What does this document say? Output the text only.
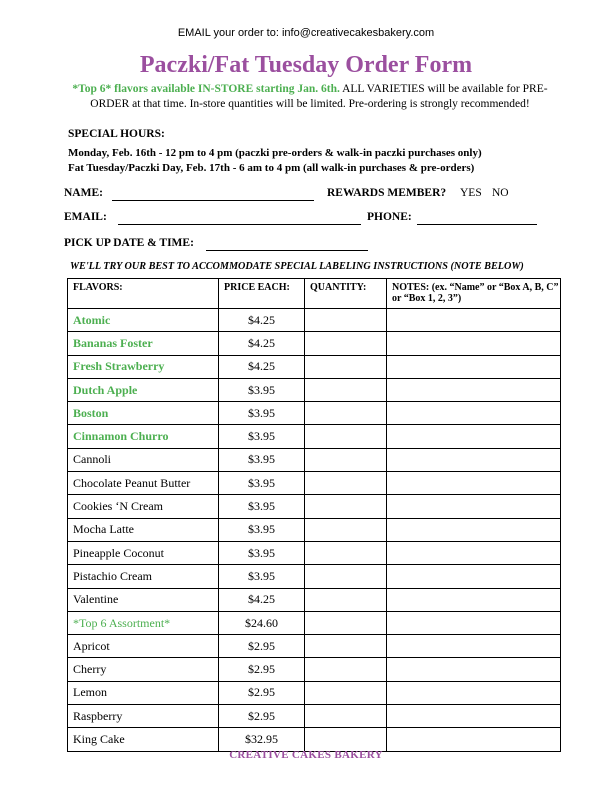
EMAIL your order to: info@creativecakesbakery.com
Paczki/Fat Tuesday Order Form
*Top 6* flavors available IN-STORE starting Jan. 6th. ALL VARIETIES will be available for PRE-ORDER at that time. In-store quantities will be limited. Pre-ordering is strongly recommended!
SPECIAL HOURS:
Monday, Feb. 16th - 12 pm to 4 pm (paczki pre-orders & walk-in paczki purchases only)
Fat Tuesday/Paczki Day, Feb. 17th - 6 am to 4 pm (all walk-in purchases & pre-orders)
NAME:	REWARDS MEMBER? YES NO
EMAIL:	PHONE:
PICK UP DATE & TIME:
WE'LL TRY OUR BEST TO ACCOMMODATE SPECIAL LABELING INSTRUCTIONS (NOTE BELOW)
FLAVORS:	PRICE EACH:	QUANTITY:	NOTES: (ex. “Name” or “Box A, B, C” or “Box 1, 2, 3”)
Atomic	$4.25		
Bananas Foster	$4.25		
Fresh Strawberry	$4.25		
Dutch Apple	$3.95		
Boston	$3.95		
Cinnamon Churro	$3.95		
Cannoli	$3.95		
Chocolate Peanut Butter	$3.95		
Cookies ‘N Cream	$3.95		
Mocha Latte	$3.95		
Pineapple Coconut	$3.95		
Pistachio Cream	$3.95		
Valentine	$4.25		
*Top 6 Assortment*	$24.60		
Apricot	$2.95		
Cherry	$2.95		
Lemon	$2.95		
Raspberry	$2.95		
King Cake	$32.95		
CREATIVE CAKES BAKERY
